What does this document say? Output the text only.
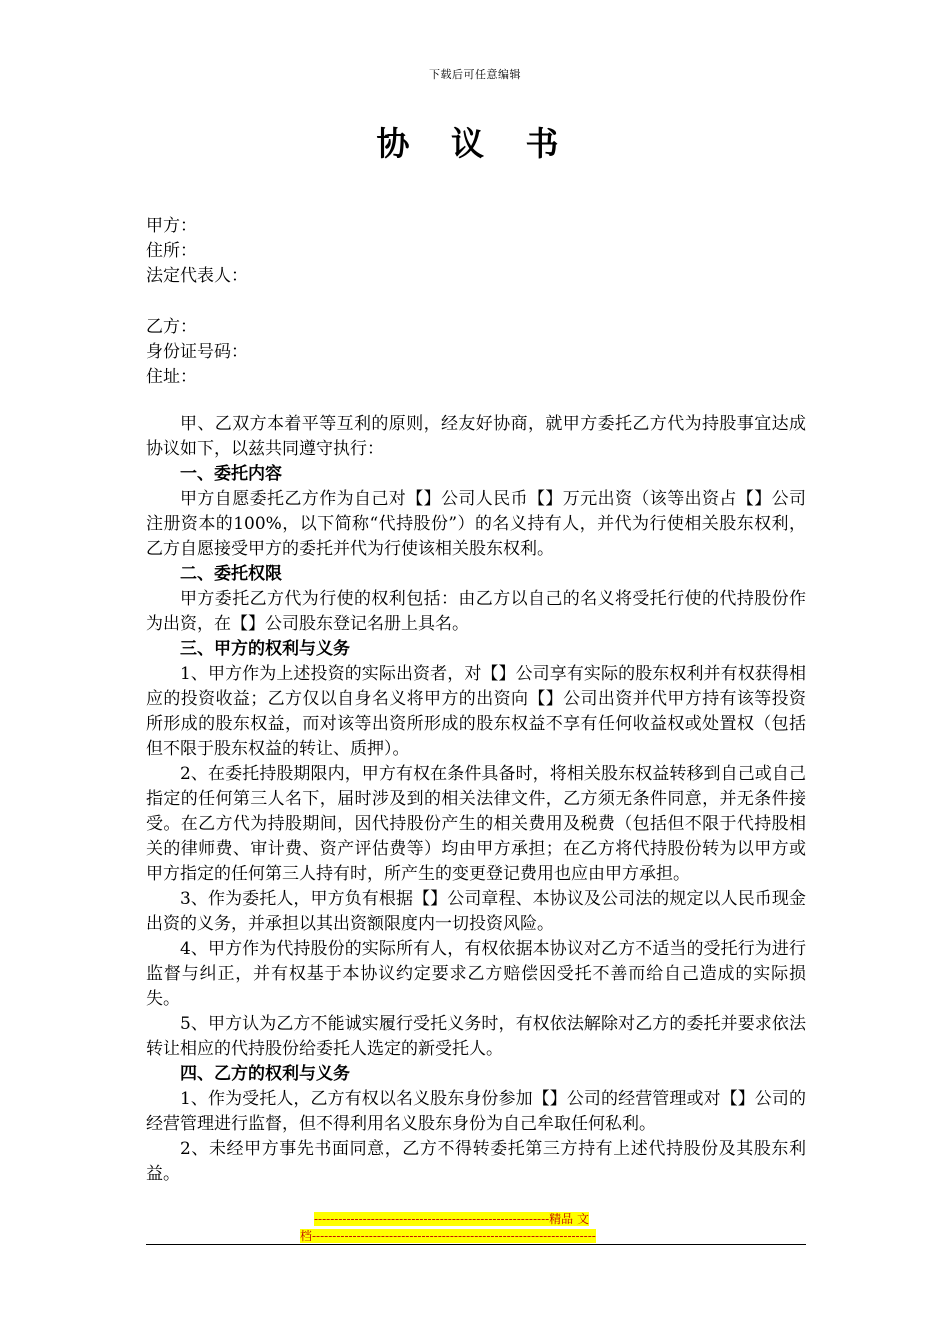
下载后可任意编辑
协 议 书
甲方：
住所：
法定代表人：
乙方：
身份证号码：
住址：

甲、乙双方本着平等互利的原则，经友好协商，就甲方委托乙方代为持股事宜达成协议如下，以兹共同遵守执行：

一、委托内容

甲方自愿委托乙方作为自己对【】公司人民币【】万元出资（该等出资占【】公司注册资本的100%，以下简称“代持股份”）的名义持有人，并代为行使相关股东权利，乙方自愿接受甲方的委托并代为行使该相关股东权利。

二、委托权限

甲方委托乙方代为行使的权利包括：由乙方以自己的名义将受托行使的代持股份作为出资，在【】公司股东登记名册上具名。

三、甲方的权利与义务

1、甲方作为上述投资的实际出资者，对【】公司享有实际的股东权利并有权获得相应的投资收益；乙方仅以自身名义将甲方的出资向【】公司出资并代甲方持有该等投资所形成的股东权益，而对该等出资所形成的股东权益不享有任何收益权或处置权（包括但不限于股东权益的转让、质押）。

2、在委托持股期限内，甲方有权在条件具备时，将相关股东权益转移到自己或自己指定的任何第三人名下，届时涉及到的相关法律文件，乙方须无条件同意，并无条件接受。在乙方代为持股期间，因代持股份产生的相关费用及税费（包括但不限于代持股相关的律师费、审计费、资产评估费等）均由甲方承担；在乙方将代持股份转为以甲方或甲方指定的任何第三人持有时，所产生的变更登记费用也应由甲方承担。

3、作为委托人，甲方负有根据【】公司章程、本协议及公司法的规定以人民币现金出资的义务，并承担以其出资额限度内一切投资风险。

4、甲方作为代持股份的实际所有人，有权依据本协议对乙方不适当的受托行为进行监督与纠正，并有权基于本协议约定要求乙方赔偿因受托不善而给自己造成的实际损失。

5、甲方认为乙方不能诚实履行受托义务时，有权依法解除对乙方的委托并要求依法转让相应的代持股份给委托人选定的新受托人。

四、乙方的权利与义务

1、作为受托人，乙方有权以名义股东身份参加【】公司的经营管理或对【】公司的经营管理进行监督，但不得利用名义股东身份为自己牟取任何私利。

2、未经甲方事先书面同意，乙方不得转委托第三方持有上述代持股份及其股东利益。

----------------------------------------------------------精品 文
档----------------------------------------------------------------------
